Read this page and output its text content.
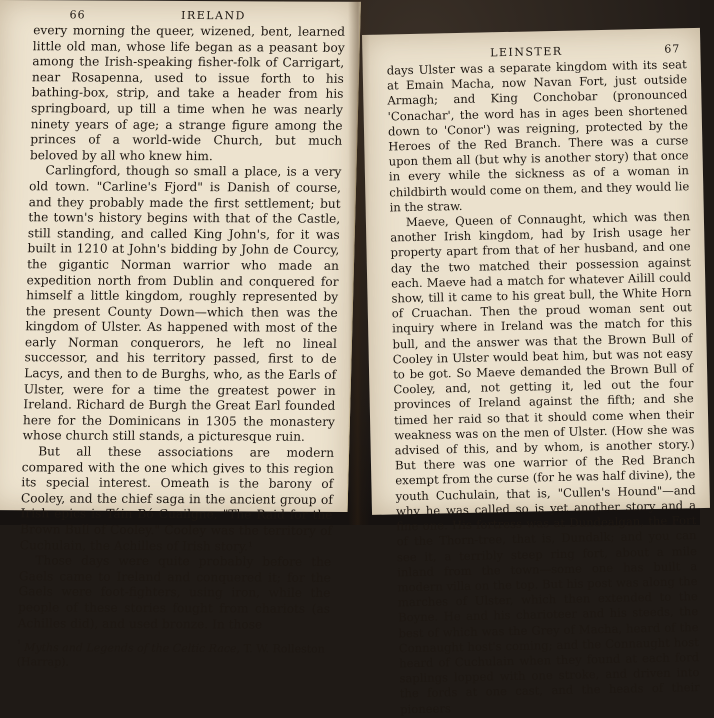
66	IRELAND

every morning the queer, wizened, bent, learned little old man, whose life began as a peasant boy among the Irish-speaking fisher-folk of Carrigart, near Rosapenna, used to issue forth to his bathing-box, strip, and take a header from his springboard, up till a time when he was nearly ninety years of age; a strange figure among the princes of a world-wide Church, but much beloved by all who knew him.

Carlingford, though so small a place, is a very old town. "Carline's Fjord" is Danish of course, and they probably made the first settlement; but the town's history begins with that of the Castle, still standing, and called King John's, for it was built in 1210 at John's bidding by John de Courcy, the gigantic Norman warrior who made an expedition north from Dublin and conquered for himself a little kingdom, roughly represented by the present County Down—which then was the kingdom of Ulster. As happened with most of the early Norman conquerors, he left no lineal successor, and his territory passed, first to de Lacys, and then to de Burghs, who, as the Earls of Ulster, were for a time the greatest power in Ireland. Richard de Burgh the Great Earl founded here for the Dominicans in 1305 the monastery whose church still stands, a picturesque ruin.

But all these associations are modern compared with the one which gives to this region its special interest. Omeath is the barony of Cooley, and the chief saga in the ancient group of Irish epics is Táin Bó Cuailgne, "The Raid for the Brown Bull of Cooley." Cooley was the territory of Cuchulain, the Achilles of Irish story.¹

Those days were quite probably before the Gaels came to Ireland and conquered it; for the Gaels were foot-fighters, using iron, while the people of these stories fought from chariots (as Achilles did), and used bronze. In those

$^{^1}$ Myths and Legends of the Celtic Race, T. W. Rolleston (Harrap).
LEINSTER	67

days Ulster was a separate kingdom with its seat at Emain Macha, now Navan Fort, just outside Armagh; and King Conchobar (pronounced 'Conachar', the word has in ages been shortened down to 'Conor') was reigning, protected by the Heroes of the Red Branch. There was a curse upon them all (but why is another story) that once in every while the sickness as of a woman in childbirth would come on them, and they would lie in the straw.

Maeve, Queen of Connaught, which was then another Irish kingdom, had by Irish usage her property apart from that of her husband, and one day the two matched their possession against each. Maeve had a match for whatever Ailill could show, till it came to his great bull, the White Horn of Cruachan. Then the proud woman sent out inquiry where in Ireland was the match for this bull, and the answer was that the Brown Bull of Cooley in Ulster would beat him, but was not easy to be got. So Maeve demanded the Brown Bull of Cooley, and, not getting it, led out the four provinces of Ireland against the fifth; and she timed her raid so that it should come when their weakness was on the men of Ulster. (How she was advised of this, and by whom, is another story.) But there was one warrior of the Red Branch exempt from the curse (for he was half divine), the youth Cuchulain, that is, "Cullen's Hound"—and why he was called so is yet another story and a fine one. His fortress was at Dundealgan, the Fort of the Thorn-tree, that is, Dundalk; and you can see it, a terribly steep ring fort, about a mile inland from the town—some one has built a modern villa on the top. But his post was along the marches of Ulster, which then extended to the Boyne. He and his charioteer and his steeds, the best of which was the Grey of Macha, heard of the Connaught host's coming; and the Connaught host heard of Cuchulain when they found at each ford saplings lopped with one stroke, and driven into the fords at one cast, and the heads of their pioneers
